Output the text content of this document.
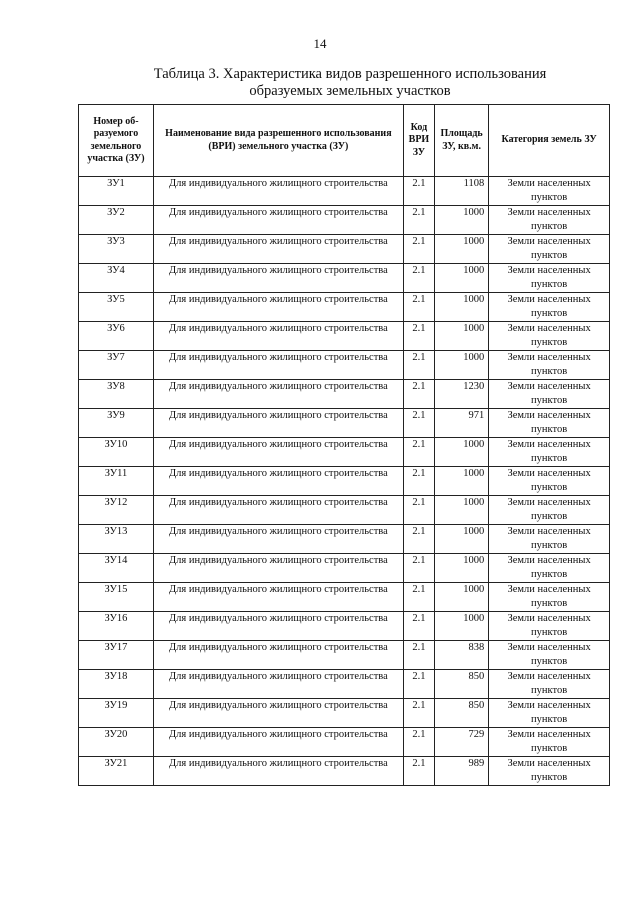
14
Таблица 3. Характеристика видов разрешенного использования
образуемых земельных участков
Номер об-разуемого земельного участка (ЗУ)	Наименование вида разрешенного использования (ВРИ) земельного участка (ЗУ)	Код ВРИ ЗУ	Площадь ЗУ, кв.м.	Категория земель ЗУ
ЗУ1	Для индивидуального жилищного строительства	2.1	1108	Земли населенных пунктов
ЗУ2	Для индивидуального жилищного строительства	2.1	1000	Земли населенных пунктов
ЗУ3	Для индивидуального жилищного строительства	2.1	1000	Земли населенных пунктов
ЗУ4	Для индивидуального жилищного строительства	2.1	1000	Земли населенных пунктов
ЗУ5	Для индивидуального жилищного строительства	2.1	1000	Земли населенных пунктов
ЗУ6	Для индивидуального жилищного строительства	2.1	1000	Земли населенных пунктов
ЗУ7	Для индивидуального жилищного строительства	2.1	1000	Земли населенных пунктов
ЗУ8	Для индивидуального жилищного строительства	2.1	1230	Земли населенных пунктов
ЗУ9	Для индивидуального жилищного строительства	2.1	971	Земли населенных пунктов
ЗУ10	Для индивидуального жилищного строительства	2.1	1000	Земли населенных пунктов
ЗУ11	Для индивидуального жилищного строительства	2.1	1000	Земли населенных пунктов
ЗУ12	Для индивидуального жилищного строительства	2.1	1000	Земли населенных пунктов
ЗУ13	Для индивидуального жилищного строительства	2.1	1000	Земли населенных пунктов
ЗУ14	Для индивидуального жилищного строительства	2.1	1000	Земли населенных пунктов
ЗУ15	Для индивидуального жилищного строительства	2.1	1000	Земли населенных пунктов
ЗУ16	Для индивидуального жилищного строительства	2.1	1000	Земли населенных пунктов
ЗУ17	Для индивидуального жилищного строительства	2.1	838	Земли населенных пунктов
ЗУ18	Для индивидуального жилищного строительства	2.1	850	Земли населенных пунктов
ЗУ19	Для индивидуального жилищного строительства	2.1	850	Земли населенных пунктов
ЗУ20	Для индивидуального жилищного строительства	2.1	729	Земли населенных пунктов
ЗУ21	Для индивидуального жилищного строительства	2.1	989	Земли населенных пунктов
